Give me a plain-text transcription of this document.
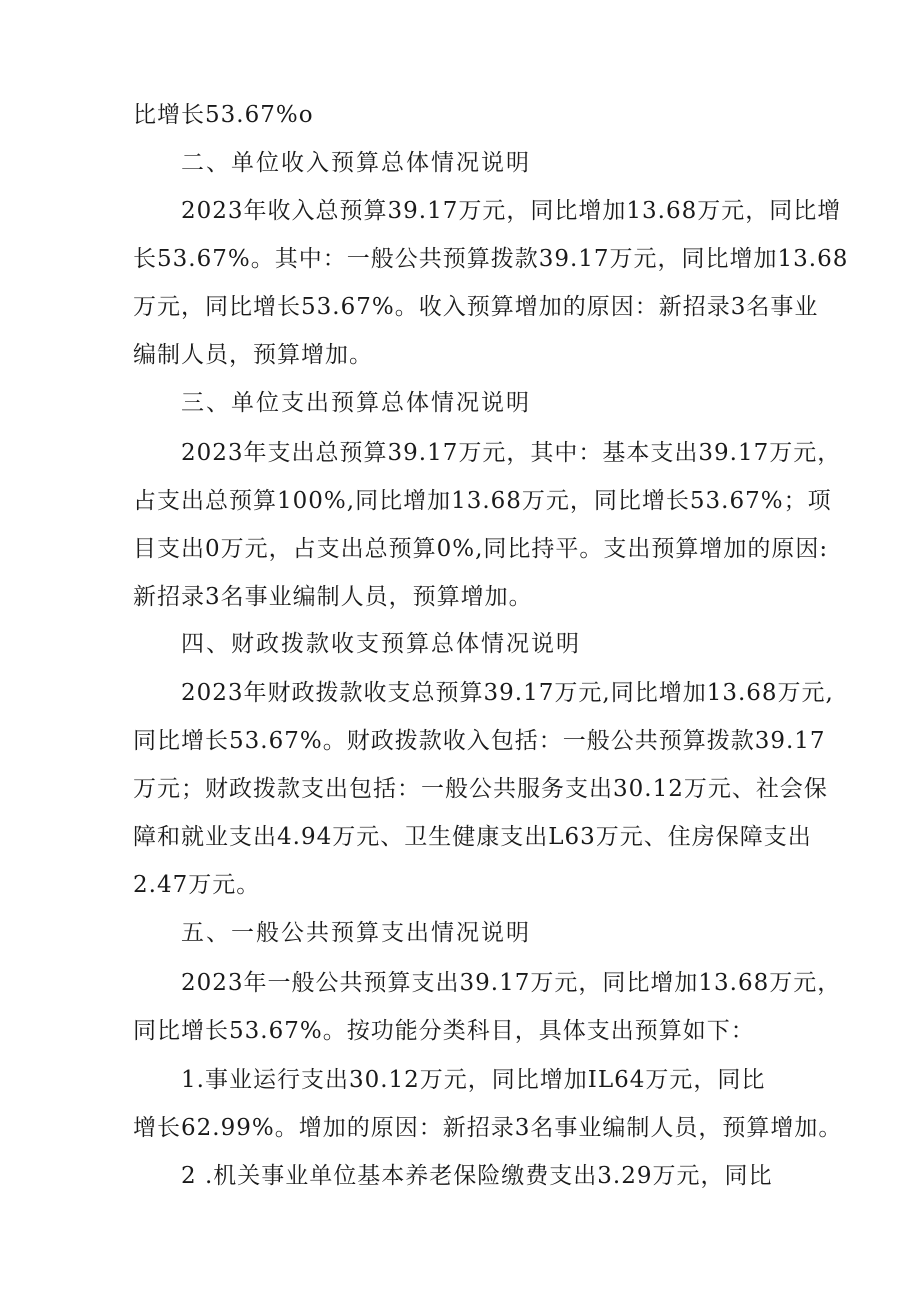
比增长53.67%o
二、单位收入预算总体情况说明
2023年收入总预算39.17万元，同比增加13.68万元，同比增
长53.67%。其中：一般公共预算拨款39.17万元，同比增加13.68
万元，同比增长53.67%。收入预算增加的原因：新招录3名事业
编制人员，预算增加。
三、单位支出预算总体情况说明
2023年支出总预算39.17万元，其中：基本支出39.17万元，
占支出总预算100%,同比增加13.68万元，同比增长53.67%；项
目支出0万元，占支出总预算0%,同比持平。支出预算增加的原因:
新招录3名事业编制人员，预算增加。
四、财政拨款收支预算总体情况说明
2023年财政拨款收支总预算39.17万元,同比增加13.68万元,
同比增长53.67%。财政拨款收入包括：一般公共预算拨款39.17
万元；财政拨款支出包括：一般公共服务支出30.12万元、社会保
障和就业支出4.94万元、卫生健康支出L63万元、住房保障支出
2.47万元。
五、一般公共预算支出情况说明
2023年一般公共预算支出39.17万元，同比增加13.68万元，
同比增长53.67%。按功能分类科目，具体支出预算如下：
1.事业运行支出30.12万元，同比增加IL64万元，同比
增长62.99%。增加的原因：新招录3名事业编制人员，预算增加。
2 .机关事业单位基本养老保险缴费支出3.29万元，同比
